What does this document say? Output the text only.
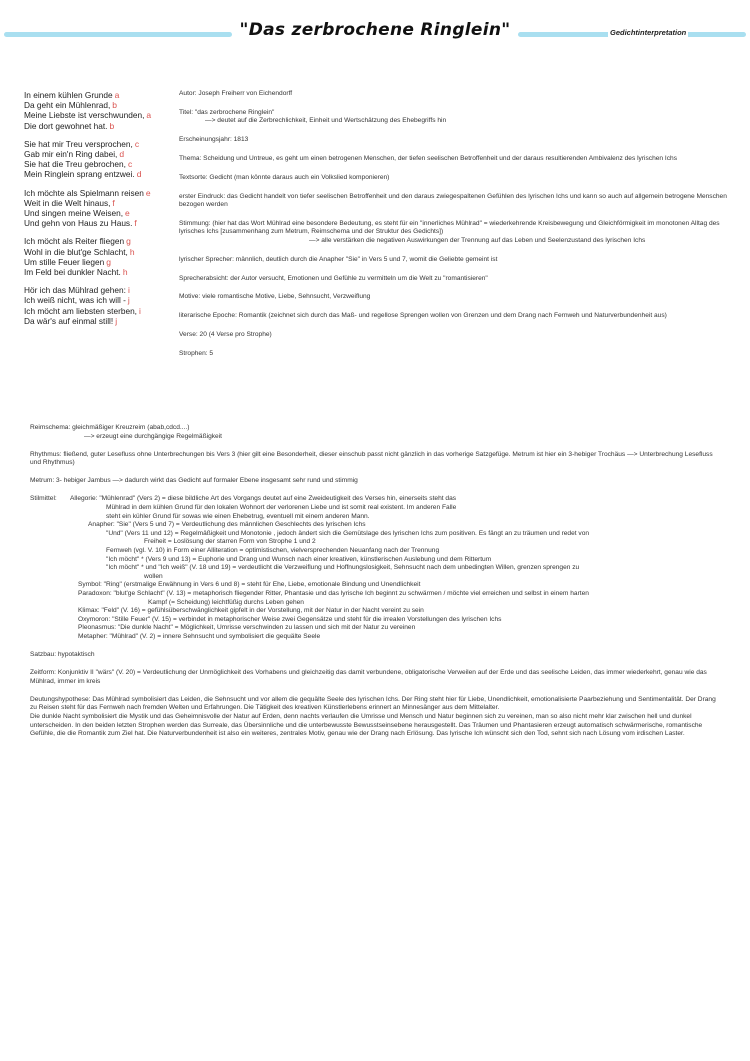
"Das zerbrochene Ringlein"	Gedichtinterpretation
In einem kühlen Grunde a
Da geht ein Mühlenrad, b
Meine Liebste ist verschwunden, a
Die dort gewohnet hat. b
Sie hat mir Treu versprochen, c
Gab mir ein'n Ring dabei, d
Sie hat die Treu gebrochen, c
Mein Ringlein sprang entzwei. d
Ich möchte als Spielmann reisen e
Weit in die Welt hinaus, f
Und singen meine Weisen, e
Und gehn von Haus zu Haus. f
Ich möcht als Reiter fliegen g
Wohl in die blut'ge Schlacht, h
Um stille Feuer liegen g
Im Feld bei dunkler Nacht. h
Hör ich das Mühlrad gehen: i
Ich weiß nicht, was ich will - j
Ich möcht am liebsten sterben, i
Da wär's auf einmal still! j

Autor: Joseph Freiherr von Eichendorff

Titel: "das zerbrochene Ringlein"
—> deutet auf die Zerbrechlichkeit, Einheit und Wertschätzung des Ehebegriffs hin

Erscheinungsjahr: 1813

Thema: Scheidung und Untreue, es geht um einen betrogenen Menschen, der tiefen seelischen Betroffenheit und der daraus resultierenden Ambivalenz des lyrischen Ichs

Textsorte: Gedicht (man könnte daraus auch ein Volkslied komponieren)

erster Eindruck: das Gedicht handelt von tiefer seelischen Betroffenheit und den daraus zwiegespaltenen Gefühlen des lyrischen Ichs und kann so auch auf allgemein betrogene Menschen bezogen werden

Stimmung: (hier hat das Wort Mühlrad eine besondere Bedeutung, es steht für ein "innerliches Mühlrad" = wiederkehrende Kreisbewegung und Gleichförmigkeit im monotonen Alltag des lyrisches Ichs [zusammenhang zum Metrum, Reimschema und der Struktur des Gedichts])
—> alle verstärken die negativen Auswirkungen der Trennung auf das Leben und Seelenzustand des lyrischen Ichs

lyrischer Sprecher: männlich, deutlich durch die Anapher "Sie" in Vers 5 und 7, womit die Geliebte gemeint ist

Sprecherabsicht: der Autor versucht, Emotionen und Gefühle zu vermitteln um die Welt zu "romantisieren"

Motive: viele romantische Motive, Liebe, Sehnsucht, Verzweiflung

literarische Epoche: Romantik (zeichnet sich durch das Maß- und regellose Sprengen wollen von Grenzen und dem Drang nach Fernweh und Naturverbundenheit aus)

Verse: 20 (4 Verse pro Strophe)

Strophen: 5

Reimschema: gleichmäßiger Kreuzreim (abab,cdcd....)
—> erzeugt eine durchgängige Regelmäßigkeit

Rhythmus: fließend, guter Lesefluss ohne Unterbrechungen bis Vers 3 (hier gilt eine Besonderheit, dieser einschub passt nicht gänzlich in das vorherige Satzgefüge. Metrum ist hier ein 3-hebiger Trochäus —> Unterbrechung Lesefluss und Rhythmus)

Metrum: 3- hebiger Jambus —> dadurch wirkt das Gedicht auf formaler Ebene insgesamt sehr rund und stimmig

Stilmittel:	Allegorie: "Mühlenrad" (Vers 2) = diese bildliche Art des Vorgangs deutet auf eine Zweideutigkeit des Verses hin, einerseits steht das
Mühlrad in dem kühlen Grund für den lokalen Wohnort der verlorenen Liebe und ist somit real existent. Im anderen Falle
steht ein kühler Grund für sowas wie einen Ehebetrug, eventuell mit einem anderen Mann.
Anapher: "Sie" (Vers 5 und 7) = Verdeutlichung des männlichen Geschlechts des lyrischen Ichs
"Und" (Vers 11 und 12) = Regelmäßigkeit und Monotonie , jedoch ändert sich die Gemütslage des lyrischen Ichs zum positiven. Es fängt an zu träumen und redet von
Freiheit = Loslösung der starren Form von Strophe 1 und 2
Fernweh (vgl. V. 10) in Form einer Alliteration = optimistischen, vielversprechenden Neuanfang nach der Trennung
"Ich möcht" * (Vers 9 und 13) = Euphorie und Drang und Wunsch nach einer kreativen, künstlerischen Auslebung und dem Rittertum
"Ich möcht" * und "Ich weiß" (V. 18 und 19) = verdeutlicht die Verzweiflung und Hoffnungslosigkeit, Sehnsucht nach dem unbedingten Willen, grenzen sprengen zu
wollen
Symbol: "Ring" (erstmalige Erwähnung in Vers 6 und 8) = steht für Ehe, Liebe, emotionale Bindung und Unendlichkeit
Paradoxon: "blut'ge Schlacht" (V. 13) = metaphorisch fliegender Ritter, Phantasie und das lyrische Ich beginnt zu schwärmen / möchte viel erreichen und selbst in einem harten
Kampf (= Scheidung) leichtfüßig durchs Leben gehen
Klimax: "Feld" (V. 16) = gefühlsüberschwänglichkeit gipfelt in der Vorstellung, mit der Natur in der Nacht vereint zu sein
Oxymoron: "Stille Feuer" (V. 15) = verbindet in metaphorischer Weise zwei Gegensätze und steht für die irrealen Vorstellungen des lyrischen Ichs
Pleonasmus: "Die dunkle Nacht" = Möglichkeit, Umrisse verschwinden zu lassen und sich mit der Natur zu vereinen
Metapher: "Mühlrad" (V. 2) = innere Sehnsucht und symbolisiert die gequälte Seele

Satzbau: hypotaktisch

Zeitform: Konjunktiv II "wärs" (V. 20) = Verdeutlichung der Unmöglichkeit des Vorhabens und gleichzeitig das damit verbundene, obligatorische Verweilen auf der Erde und das seelische Leiden, das immer wiederkehrt, genau wie das Mühlrad, immer im kreis

Deutungshypothese: Das Mühlrad symbolisiert das Leiden, die Sehnsucht und vor allem die gequälte Seele des lyrischen Ichs. Der Ring steht hier für Liebe, Unendlichkeit, emotionalisierte Paarbeziehung und Sentimentalität. Der Drang zu Reisen steht für das Fernweh nach fremden Welten und Erfahrungen. Die Tätigkeit des kreativen Künstlerlebens erinnert an Minnesänger aus dem Mittelalter.
Die dunkle Nacht symbolisiert die Mystik und das Geheimnisvolle der Natur auf Erden, denn nachts verlaufen die Umrisse und Mensch und Natur beginnen sich zu vereinen, man so also nicht mehr klar zwischen hell und dunkel unterscheiden. In den beiden letzten Strophen werden das Surreale, das Übersinnliche und die unterbewusste Bewusstseinsebene herausgestellt. Das Träumen und Phantasieren erzeugt automatisch schwärmerische, romantische Gefühle, die die Romantik zum Ziel hat. Die Naturverbundenheit ist also ein weiteres, zentrales Motiv, genau wie der Drang nach Erlösung. Das lyrische Ich wünscht sich den Tod, sehnt sich nach Lösung vom irdischen Laster.
